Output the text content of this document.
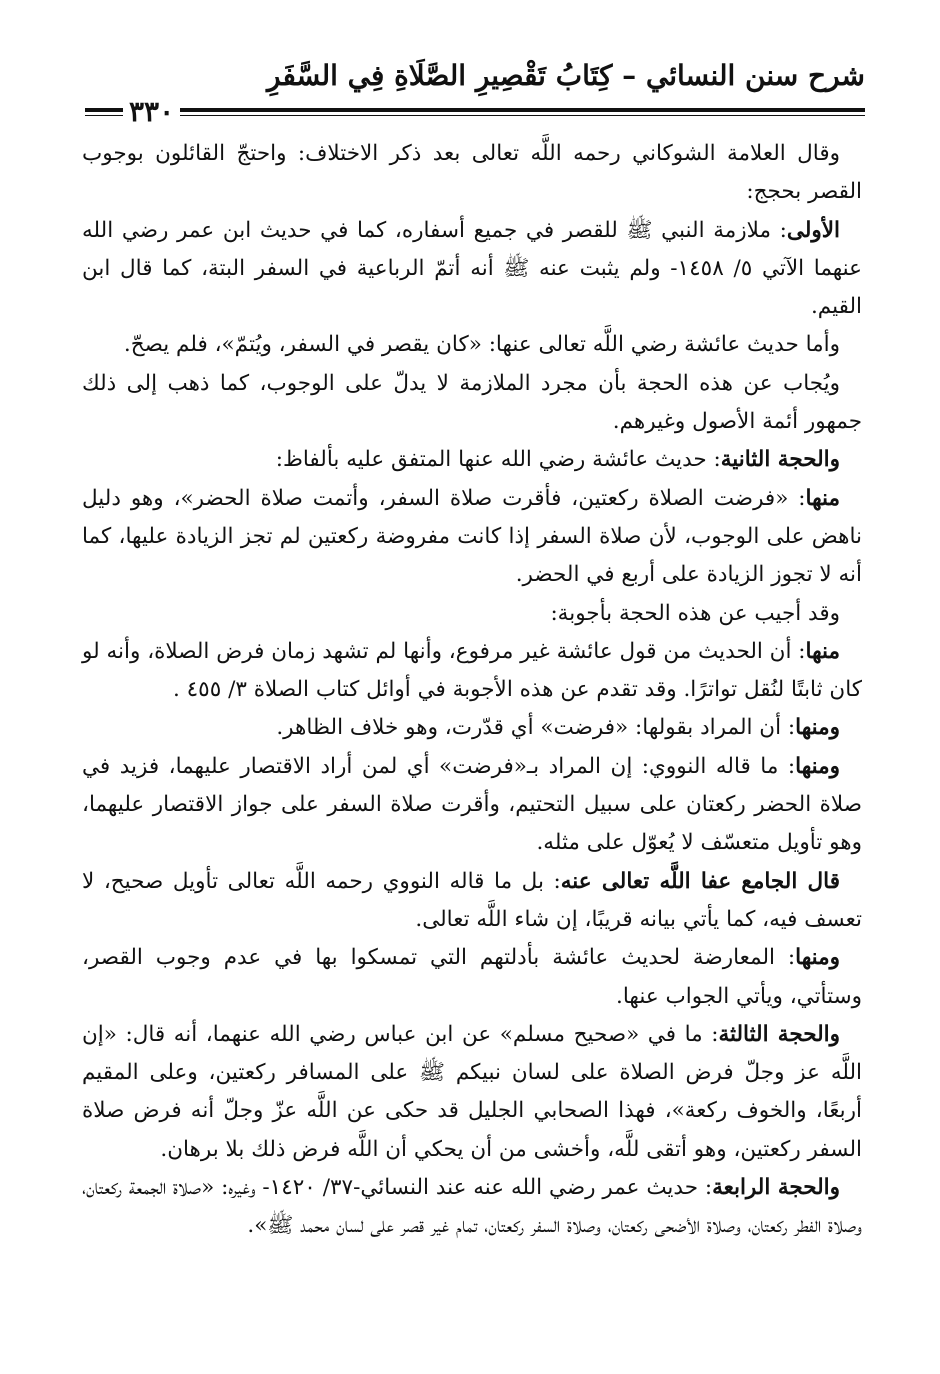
شرح سنن النسائي – كِتَابُ تَقْصِيرِ الصَّلَاةِ فِي السَّفَرِ
٣٣٠

وقال العلامة الشوكاني رحمه اللَّه تعالى بعد ذكر الاختلاف: واحتجّ القائلون بوجوب القصر بحجج:

الأولى: ملازمة النبي ﷺ للقصر في جميع أسفاره، كما في حديث ابن عمر رضي الله عنهما الآتي ٥/ ١٤٥٨- ولم يثبت عنه ﷺ أنه أتمّ الرباعية في السفر البتة، كما قال ابن القيم.

وأما حديث عائشة رضي اللَّه تعالى عنها: «كان يقصر في السفر، ويُتمّ»، فلم يصحّ.

ويُجاب عن هذه الحجة بأن مجرد الملازمة لا يدلّ على الوجوب، كما ذهب إلى ذلك جمهور أئمة الأصول وغيرهم.

والحجة الثانية: حديث عائشة رضي الله عنها المتفق عليه بألفاظ:

منها: «فرضت الصلاة ركعتين، فأقرت صلاة السفر، وأتمت صلاة الحضر»، وهو دليل ناهض على الوجوب، لأن صلاة السفر إذا كانت مفروضة ركعتين لم تجز الزيادة عليها، كما أنه لا تجوز الزيادة على أربع في الحضر.

وقد أجيب عن هذه الحجة بأجوبة:

منها: أن الحديث من قول عائشة غير مرفوع، وأنها لم تشهد زمان فرض الصلاة، وأنه لو كان ثابتًا لنُقل تواترًا. وقد تقدم عن هذه الأجوبة في أوائل كتاب الصلاة ٣/ ٤٥٥ .

ومنها: أن المراد بقولها: «فرضت» أي قدّرت، وهو خلاف الظاهر.

ومنها: ما قاله النووي: إن المراد بـ«فرضت» أي لمن أراد الاقتصار عليهما، فزيد في صلاة الحضر ركعتان على سبيل التحتيم، وأقرت صلاة السفر على جواز الاقتصار عليهما، وهو تأويل متعسّف لا يُعوّل على مثله.

قال الجامع عفا اللَّه تعالى عنه: بل ما قاله النووي رحمه اللَّه تعالى تأويل صحيح، لا تعسف فيه، كما يأتي بيانه قريبًا، إن شاء اللَّه تعالى.

ومنها: المعارضة لحديث عائشة بأدلتهم التي تمسكوا بها في عدم وجوب القصر، وستأتي، ويأتي الجواب عنها.

والحجة الثالثة: ما في «صحيح مسلم» عن ابن عباس رضي الله عنهما، أنه قال: «إن اللَّه عز وجلّ فرض الصلاة على لسان نبيكم ﷺ على المسافر ركعتين، وعلى المقيم أربعًا، والخوف ركعة»، فهذا الصحابي الجليل قد حكى عن اللَّه عزّ وجلّ أنه فرض صلاة السفر ركعتين، وهو أتقى للَّه، وأخشى من أن يحكي أن اللَّه فرض ذلك بلا برهان.

والحجة الرابعة: حديث عمر رضي الله عنه عند النسائي-٣٧/ ١٤٢٠- وغيره: «صلاة الجمعة ركعتان، وصلاة الفطر ركعتان، وصلاة الأضحى ركعتان، وصلاة السفر ركعتان، تمام غير قصر على لسان محمد ﷺ».
